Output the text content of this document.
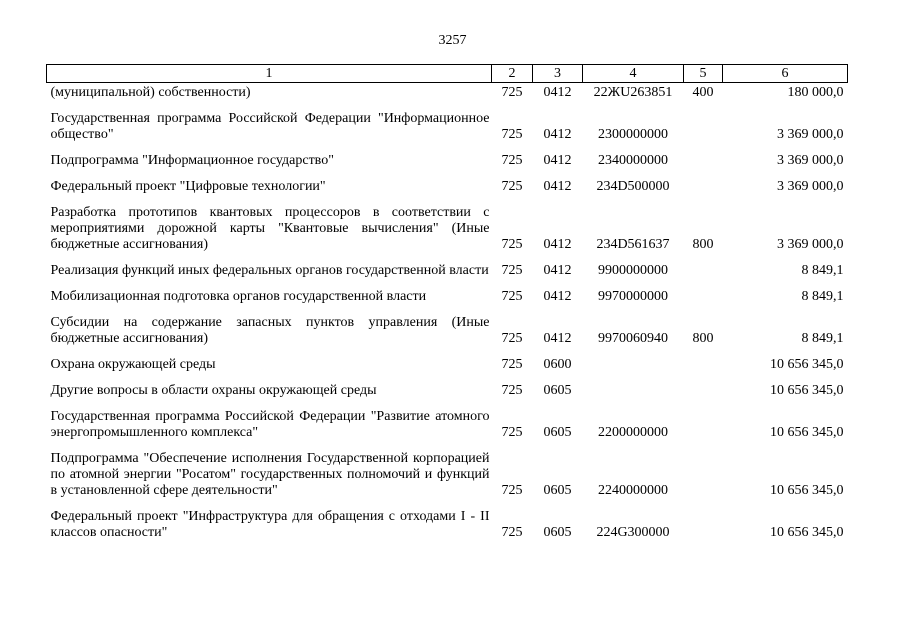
3257
1	2	3	4	5	6
(муниципальной) собственности)	725	0412	22ЖU263851	400	180 000,0
Государственная программа Российской Федерации "Информационное общество"	725	0412	2300000000		3 369 000,0
Подпрограмма "Информационное государство"	725	0412	2340000000		3 369 000,0
Федеральный проект "Цифровые технологии"	725	0412	234D500000		3 369 000,0
Разработка прототипов квантовых процессоров в соответствии с мероприятиями дорожной карты "Квантовые вычисления" (Иные бюджетные ассигнования)	725	0412	234D561637	800	3 369 000,0
Реализация функций иных федеральных органов государственной власти	725	0412	9900000000		8 849,1
Мобилизационная подготовка органов государственной власти	725	0412	9970000000		8 849,1
Субсидии на содержание запасных пунктов управления (Иные бюджетные ассигнования)	725	0412	9970060940	800	8 849,1
Охрана окружающей среды	725	0600			10 656 345,0
Другие вопросы в области охраны окружающей среды	725	0605			10 656 345,0
Государственная программа Российской Федерации "Развитие атомного энергопромышленного комплекса"	725	0605	2200000000		10 656 345,0
Подпрограмма "Обеспечение исполнения Государственной корпорацией по атомной энергии "Росатом" государственных полномочий и функций в установленной сфере деятельности"	725	0605	2240000000		10 656 345,0
Федеральный проект "Инфраструктура для обращения с отходами I - II классов опасности"	725	0605	224G300000		10 656 345,0
